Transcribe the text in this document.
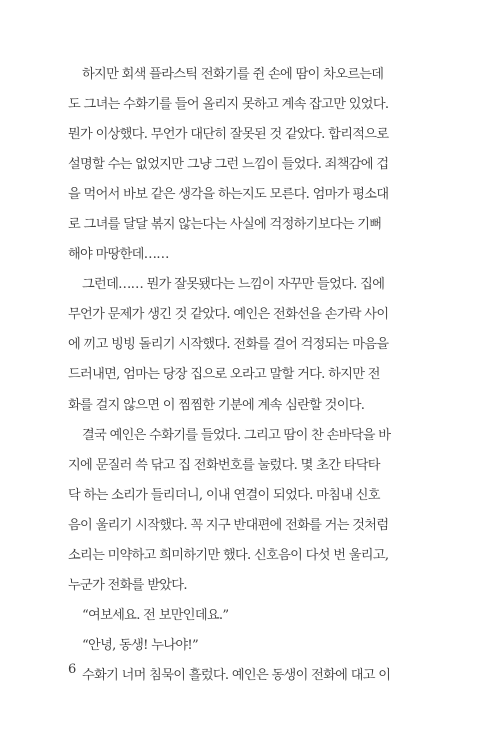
하지만 회색 플라스틱 전화기를 쥔 손에 땀이 차오르는데
도 그녀는 수화기를 들어 올리지 못하고 계속 잡고만 있었다.
뭔가 이상했다. 무언가 대단히 잘못된 것 같았다. 합리적으로
설명할 수는 없었지만 그냥 그런 느낌이 들었다. 죄책감에 겁
을 먹어서 바보 같은 생각을 하는지도 모른다. 엄마가 평소대
로 그녀를 달달 볶지 않는다는 사실에 걱정하기보다는 기뻐
해야 마땅한데……
그런데…… 뭔가 잘못됐다는 느낌이 자꾸만 들었다. 집에
무언가 문제가 생긴 것 같았다. 예인은 전화선을 손가락 사이
에 끼고 빙빙 돌리기 시작했다. 전화를 걸어 걱정되는 마음을
드러내면, 엄마는 당장 집으로 오라고 말할 거다. 하지만 전
화를 걸지 않으면 이 찜찜한 기분에 계속 심란할 것이다.
결국 예인은 수화기를 들었다. 그리고 땀이 찬 손바닥을 바
지에 문질러 쓱 닦고 집 전화번호를 눌렀다. 몇 초간 타닥타
닥 하는 소리가 들리더니, 이내 연결이 되었다. 마침내 신호
음이 울리기 시작했다. 꼭 지구 반대편에 전화를 거는 것처럼
소리는 미약하고 희미하기만 했다. 신호음이 다섯 번 울리고,
누군가 전화를 받았다.
“여보세요. 전 보만인데요.”
“안녕, 동생! 누나야!”
수화기 너머 침묵이 흘렀다. 예인은 동생이 전화에 대고 이
6
